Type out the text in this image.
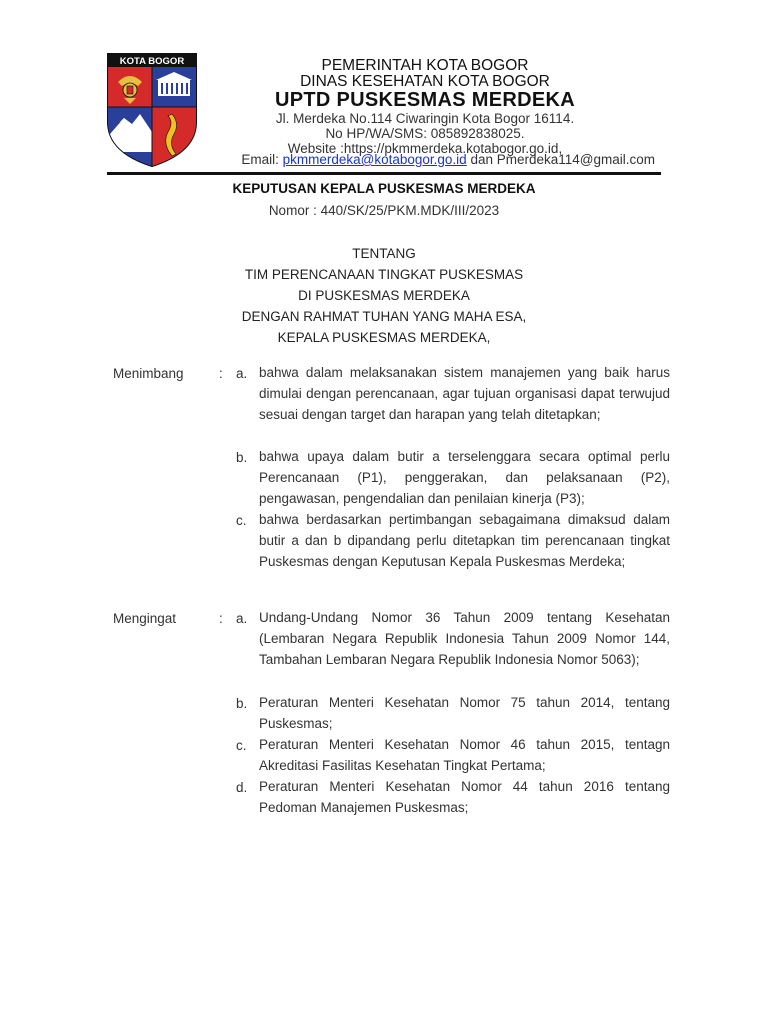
KOTA BOGOR	PEMERINTAH KOTA BOGOR
DINAS KESEHATAN KOTA BOGOR
UPTD PUSKESMAS MERDEKA
Jl. Merdeka No.114 Ciwaringin Kota Bogor 16114.
No HP/WA/SMS: 085892838025.
Website :https://pkmmerdeka.kotabogor.go.id,
Email: pkmmerdeka@kotabogor.go.id dan Pmerdeka114@gmail.com
KEPUTUSAN KEPALA PUSKESMAS MERDEKA
Nomor : 440/SK/25/PKM.MDK/III/2023
TENTANG
TIM PERENCANAAN TINGKAT PUSKESMAS
DI PUSKESMAS MERDEKA
DENGAN RAHMAT TUHAN YANG MAHA ESA,
KEPALA PUSKESMAS MERDEKA,
Menimbang	: a. bahwa dalam melaksanakan sistem manajemen yang baik harus dimulai dengan perencanaan, agar tujuan organisasi dapat terwujud sesuai dengan target dan harapan yang telah ditetapkan;
b. bahwa upaya dalam butir a terselenggara secara optimal perlu Perencanaan (P1), penggerakan, dan pelaksanaan (P2), pengawasan, pengendalian dan penilaian kinerja (P3);
c. bahwa berdasarkan pertimbangan sebagaimana dimaksud dalam butir a dan b dipandang perlu ditetapkan tim perencanaan tingkat Puskesmas dengan Keputusan Kepala Puskesmas Merdeka;
Mengingat	: a. Undang-Undang Nomor 36 Tahun 2009 tentang Kesehatan (Lembaran Negara Republik Indonesia Tahun 2009 Nomor 144, Tambahan Lembaran Negara Republik Indonesia Nomor 5063);
b. Peraturan Menteri Kesehatan Nomor 75 tahun 2014, tentang Puskesmas;
c. Peraturan Menteri Kesehatan Nomor 46 tahun 2015, tentagn Akreditasi Fasilitas Kesehatan Tingkat Pertama;
d. Peraturan Menteri Kesehatan Nomor 44 tahun 2016 tentang Pedoman Manajemen Puskesmas;
